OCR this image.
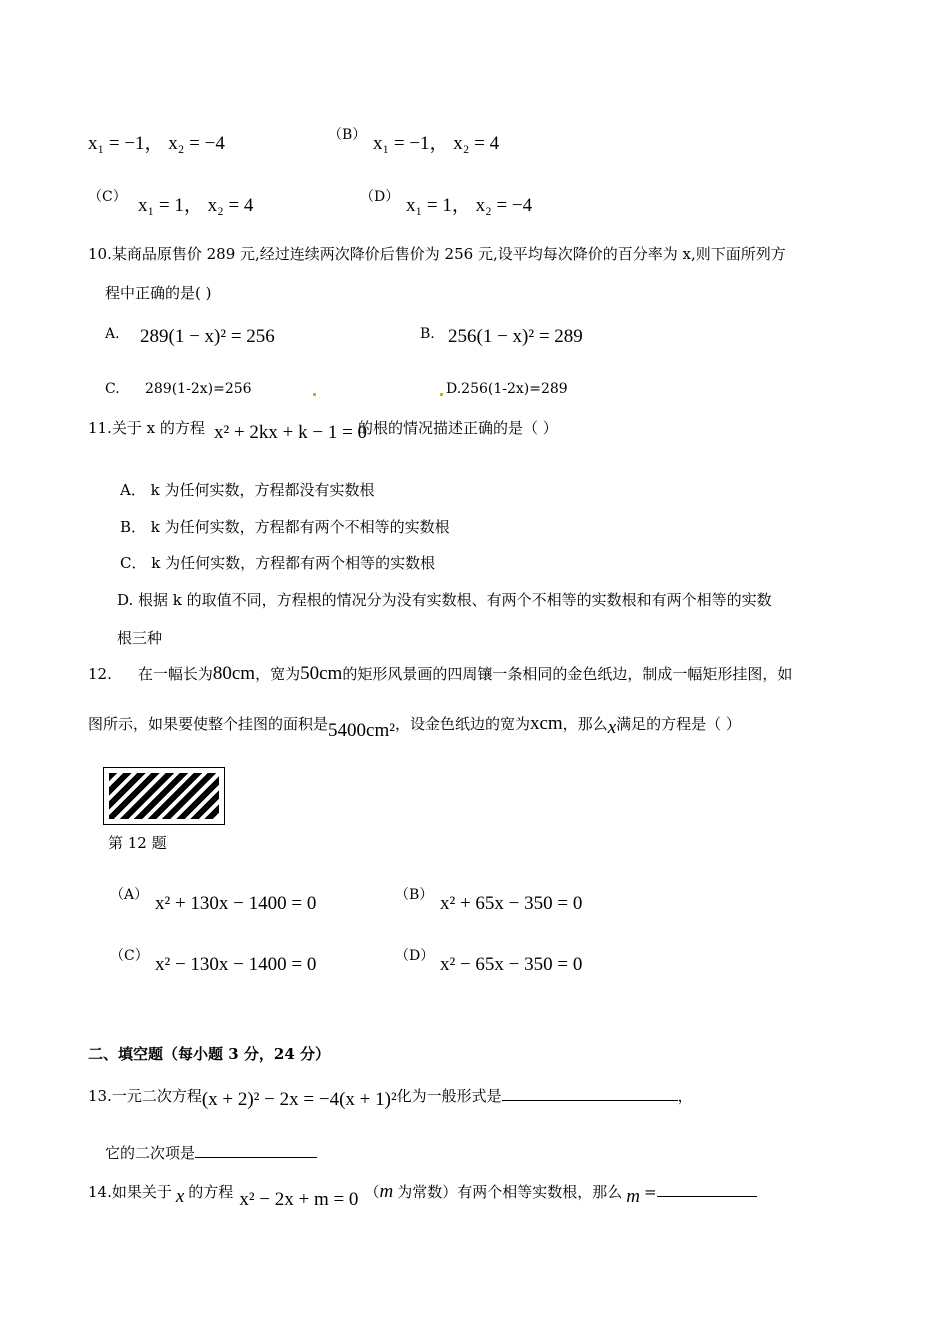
x₁ = −1， x₂ = −4	（B） x₁ = −1， x₂ = 4
（C） x₁ = 1， x₂ = 4	（D） x₁ = 1， x₂ = −4
10.某商品原售价 289 元,经过连续两次降价后售价为 256 元,设平均每次降价的百分率为 x,则下面所列方
程中正确的是( )
A. 289(1 − x)² = 256	B. 256(1 − x)² = 289
C. 289(1-2x)=256	D.256(1-2x)=289
11.关于 x 的方程 x² + 2kx + k − 1 = 0
的根的情况描述正确的是（ ）
A． k 为任何实数，方程都没有实数根
B． k 为任何实数，方程都有两个不相等的实数根
C． k 为任何实数，方程都有两个相等的实数根
D. 根据 k 的取值不同，方程根的情况分为没有实数根、有两个不相等的实数根和有两个相等的实数
根三种
12. 在一幅长为80cm，宽为50cm的矩形风景画的四周镶一条相同的金色纸边，制成一幅矩形挂图，如
图所示，如果要使整个挂图的面积是5400cm²，设金色纸边的宽为xcm，那么x满足的方程是（ ）
第 12 题
（A） x² + 130x − 1400 = 0	（B） x² + 65x − 350 = 0
（C） x² − 130x − 1400 = 0	（D） x² − 65x − 350 = 0
二、填空题（每小题 3 分，24 分）
13.一元二次方程(x + 2)² − 2x = −4(x + 1)²化为一般形式是	，
它的二次项是
14.如果关于 x 的方程 x² − 2x + m = 0 （m 为常数）有两个相等实数根，那么 m =
